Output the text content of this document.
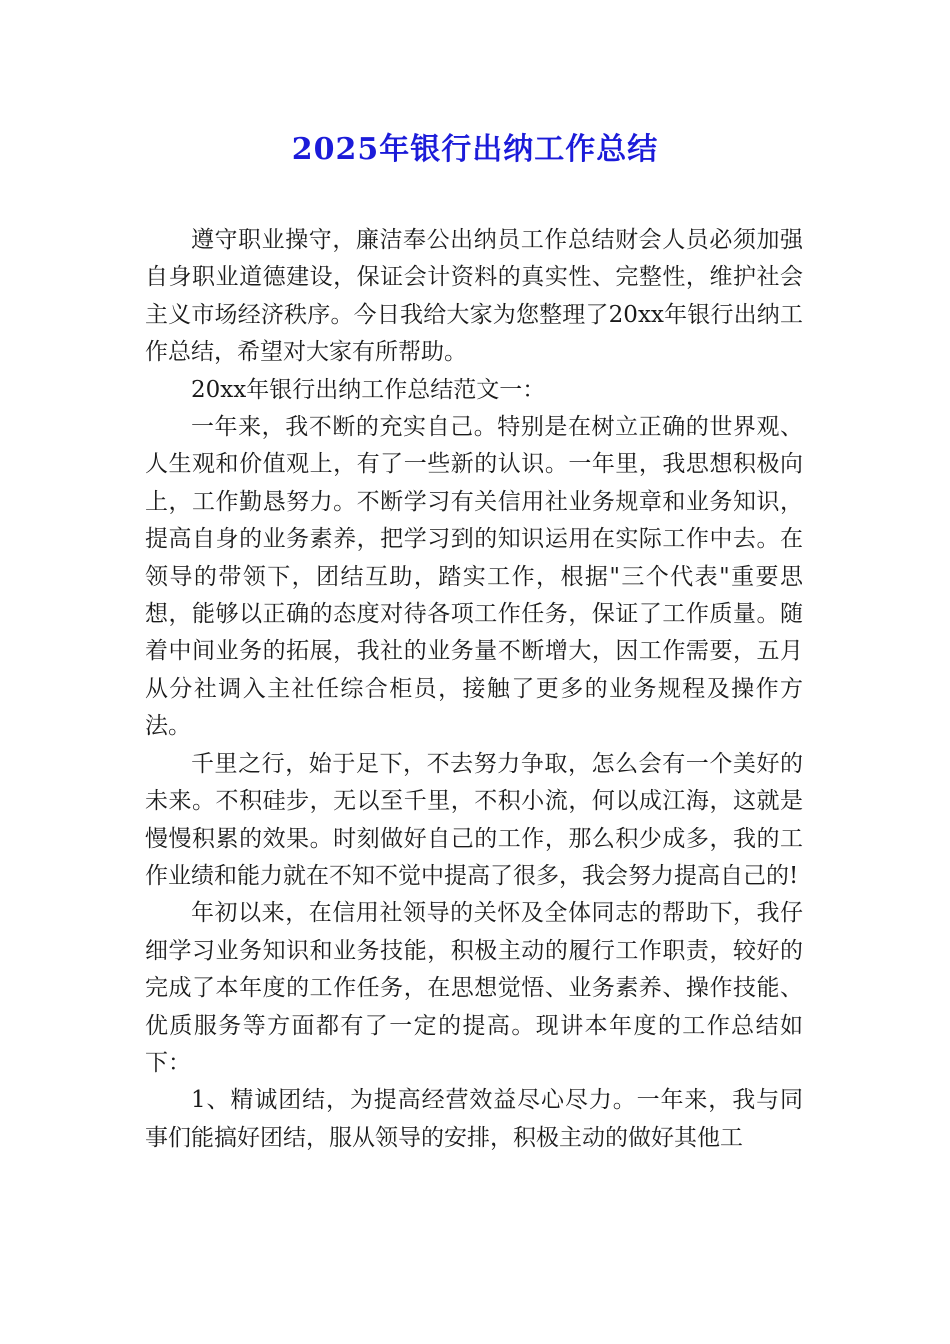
2025年银行出纳工作总结

遵守职业操守，廉洁奉公出纳员工作总结财会人员必须加强自身职业道德建设，保证会计资料的真实性、完整性，维护社会主义市场经济秩序。今日我给大家为您整理了20xx年银行出纳工作总结，希望对大家有所帮助。

20xx年银行出纳工作总结范文一：

一年来，我不断的充实自己。特别是在树立正确的世界观、人生观和价值观上，有了一些新的认识。一年里，我思想积极向上，工作勤恳努力。不断学习有关信用社业务规章和业务知识，提高自身的业务素养，把学习到的知识运用在实际工作中去。在领导的带领下，团结互助，踏实工作，根据"三个代表"重要思想，能够以正确的态度对待各项工作任务，保证了工作质量。随着中间业务的拓展，我社的业务量不断增大，因工作需要，五月从分社调入主社任综合柜员，接触了更多的业务规程及操作方法。

千里之行，始于足下，不去努力争取，怎么会有一个美好的未来。不积硅步，无以至千里，不积小流，何以成江海，这就是慢慢积累的效果。时刻做好自己的工作，那么积少成多，我的工作业绩和能力就在不知不觉中提高了很多，我会努力提高自己的!

年初以来，在信用社领导的关怀及全体同志的帮助下，我仔细学习业务知识和业务技能，积极主动的履行工作职责，较好的完成了本年度的工作任务，在思想觉悟、业务素养、操作技能、优质服务等方面都有了一定的提高。现讲本年度的工作总结如下：

1、精诚团结，为提高经营效益尽心尽力。一年来，我与同事们能搞好团结，服从领导的安排，积极主动的做好其他工
